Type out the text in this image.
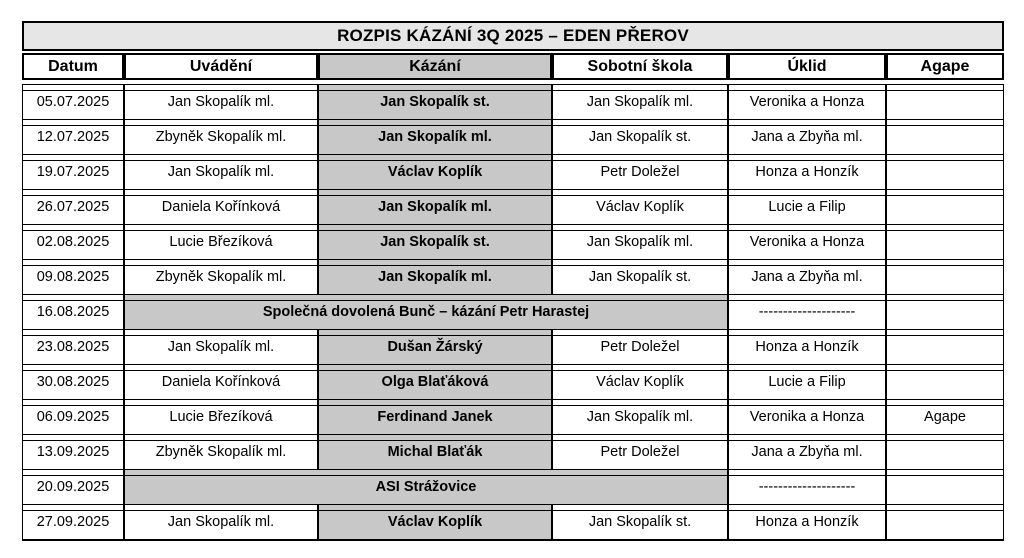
ROZPIS KÁZÁNÍ 3Q 2025 – EDEN PŘEROV
Datum	Uvádění	Kázání	Sobotní škola	Úklid	Agape
05.07.2025	Jan Skopalík ml.	Jan Skopalík st.	Jan Skopalík ml.	Veronika a Honza
12.07.2025	Zbyněk Skopalík ml.	Jan Skopalík ml.	Jan Skopalík st.	Jana a Zbyňa ml.
19.07.2025	Jan Skopalík ml.	Václav Koplík	Petr Doležel	Honza a Honzík
26.07.2025	Daniela Kořínková	Jan Skopalík ml.	Václav Koplík	Lucie a Filip
02.08.2025	Lucie Březíková	Jan Skopalík st.	Jan Skopalík ml.	Veronika a Honza
09.08.2025	Zbyněk Skopalík ml.	Jan Skopalík ml.	Jan Skopalík st.	Jana a Zbyňa ml.
16.08.2025	Společná dovolená Bunč – kázání Petr Harastej	--------------------
23.08.2025	Jan Skopalík ml.	Dušan Žárský	Petr Doležel	Honza a Honzík
30.08.2025	Daniela Kořínková	Olga Blaťáková	Václav Koplík	Lucie a Filip
06.09.2025	Lucie Březíková	Ferdinand Janek	Jan Skopalík ml.	Veronika a Honza	Agape
13.09.2025	Zbyněk Skopalík ml.	Michal Blaťák	Petr Doležel	Jana a Zbyňa ml.
20.09.2025	ASI Strážovice	--------------------
27.09.2025	Jan Skopalík ml.	Václav Koplík	Jan Skopalík st.	Honza a Honzík
